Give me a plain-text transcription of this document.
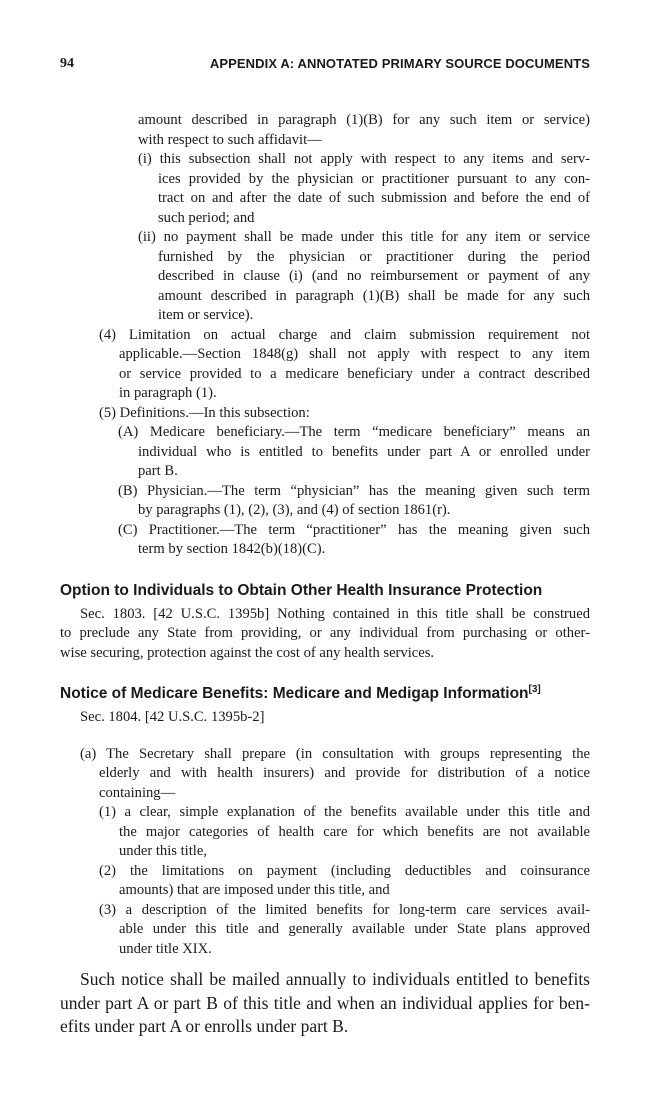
94	APPENDIX A: ANNOTATED PRIMARY SOURCE DOCUMENTS
amount described in paragraph (1)(B) for any such item or service)
with respect to such affidavit—
(i) this subsection shall not apply with respect to any items and serv-
ices provided by the physician or practitioner pursuant to any con-
tract on and after the date of such submission and before the end of
such period; and
(ii) no payment shall be made under this title for any item or service
furnished by the physician or practitioner during the period
described in clause (i) (and no reimbursement or payment of any
amount described in paragraph (1)(B) shall be made for any such
item or service).
(4) Limitation on actual charge and claim submission requirement not
applicable.—Section 1848(g) shall not apply with respect to any item
or service provided to a medicare beneficiary under a contract described
in paragraph (1).
(5) Definitions.—In this subsection:
(A) Medicare beneficiary.—The term “medicare beneficiary” means an
individual who is entitled to benefits under part A or enrolled under
part B.
(B) Physician.—The term “physician” has the meaning given such term
by paragraphs (1), (2), (3), and (4) of section 1861(r).
(C) Practitioner.—The term “practitioner” has the meaning given such
term by section 1842(b)(18)(C).
Option to Individuals to Obtain Other Health Insurance Protection
Sec. 1803. [42 U.S.C. 1395b] Nothing contained in this title shall be construed
to preclude any State from providing, or any individual from purchasing or other-
wise securing, protection against the cost of any health services.
Notice of Medicare Benefits: Medicare and Medigap Information[3]
Sec. 1804. [42 U.S.C. 1395b-2]
(a) The Secretary shall prepare (in consultation with groups representing the
elderly and with health insurers) and provide for distribution of a notice
containing—
(1) a clear, simple explanation of the benefits available under this title and
the major categories of health care for which benefits are not available
under this title,
(2) the limitations on payment (including deductibles and coinsurance
amounts) that are imposed under this title, and
(3) a description of the limited benefits for long-term care services avail-
able under this title and generally available under State plans approved
under title XIX.
Such notice shall be mailed annually to individuals entitled to benefits
under part A or part B of this title and when an individual applies for ben-
efits under part A or enrolls under part B.
